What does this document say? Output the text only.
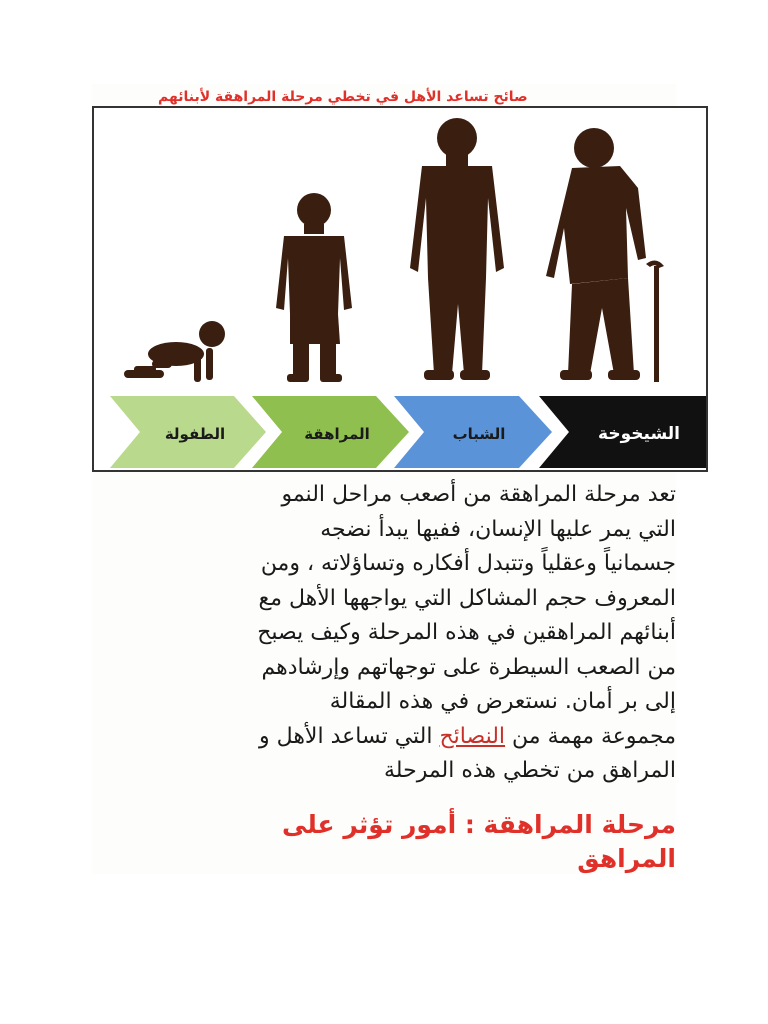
صائح تساعد الأهل في تخطي مرحلة المراهقة لأبنائهم
الشيخوخة
الشباب
المراهقة
الطفولة
تعد مرحلة المراهقة من أصعب مراحل النمو
التي يمر عليها الإنسان، ففيها يبدأ نضجه
جسمانياً وعقلياً وتتبدل أفكاره وتساؤلاته ، ومن
المعروف حجم المشاكل التي يواجهها الأهل مع
أبنائهم المراهقين في هذه المرحلة وكيف يصبح
من الصعب السيطرة على توجهاتهم وإرشادهم
إلى بر أمان. نستعرض في هذه المقالة
مجموعة مهمة من النصائح التي تساعد الأهل و
المراهق من تخطي هذه المرحلة
مرحلة المراهقة : أمور تؤثر على
المراهق
